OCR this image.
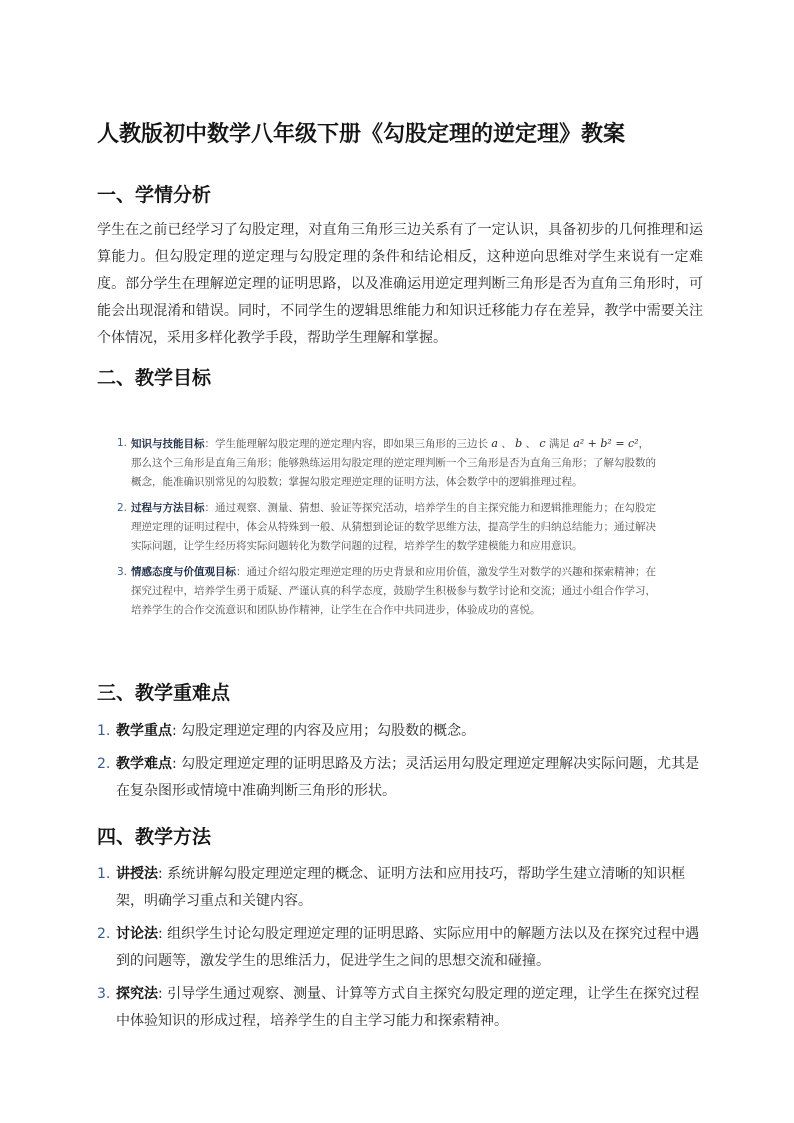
人教版初中数学八年级下册《勾股定理的逆定理》教案
一、学情分析

学生在之前已经学习了勾股定理，对直角三角形三边关系有了一定认识，具备初步的几何推理和运算能力。但勾股定理的逆定理与勾股定理的条件和结论相反，这种逆向思维对学生来说有一定难度。部分学生在理解逆定理的证明思路，以及准确运用逆定理判断三角形是否为直角三角形时，可能会出现混淆和错误。同时，不同学生的逻辑思维能力和知识迁移能力存在差异，教学中需要关注个体情况，采用多样化教学手段，帮助学生理解和掌握。

二、教学目标
1. 知识与技能目标：学生能理解勾股定理的逆定理内容，即如果三角形的三边长 a 、 b 、 c 满足 a² + b² = c²，那么这个三角形是直角三角形；能够熟练运用勾股定理的逆定理判断一个三角形是否为直角三角形；了解勾股数的概念，能准确识别常见的勾股数；掌握勾股定理逆定理的证明方法，体会数学中的逻辑推理过程。
2. 过程与方法目标：通过观察、测量、猜想、验证等探究活动，培养学生的自主探究能力和逻辑推理能力；在勾股定理逆定理的证明过程中，体会从特殊到一般、从猜想到论证的数学思维方法，提高学生的归纳总结能力；通过解决实际问题，让学生经历将实际问题转化为数学问题的过程，培养学生的数学建模能力和应用意识。
3. 情感态度与价值观目标：通过介绍勾股定理逆定理的历史背景和应用价值，激发学生对数学的兴趣和探索精神；在探究过程中，培养学生勇于质疑、严谨认真的科学态度，鼓励学生积极参与数学讨论和交流；通过小组合作学习，培养学生的合作交流意识和团队协作精神，让学生在合作中共同进步，体验成功的喜悦。
三、教学重难点
1. 教学重点: 勾股定理逆定理的内容及应用；勾股数的概念。
2. 教学难点: 勾股定理逆定理的证明思路及方法；灵活运用勾股定理逆定理解决实际问题，尤其是在复杂图形或情境中准确判断三角形的形状。
四、教学方法
1. 讲授法: 系统讲解勾股定理逆定理的概念、证明方法和应用技巧，帮助学生建立清晰的知识框架，明确学习重点和关键内容。
2. 讨论法: 组织学生讨论勾股定理逆定理的证明思路、实际应用中的解题方法以及在探究过程中遇到的问题等，激发学生的思维活力，促进学生之间的思想交流和碰撞。
3. 探究法: 引导学生通过观察、测量、计算等方式自主探究勾股定理的逆定理，让学生在探究过程中体验知识的形成过程，培养学生的自主学习能力和探索精神。
